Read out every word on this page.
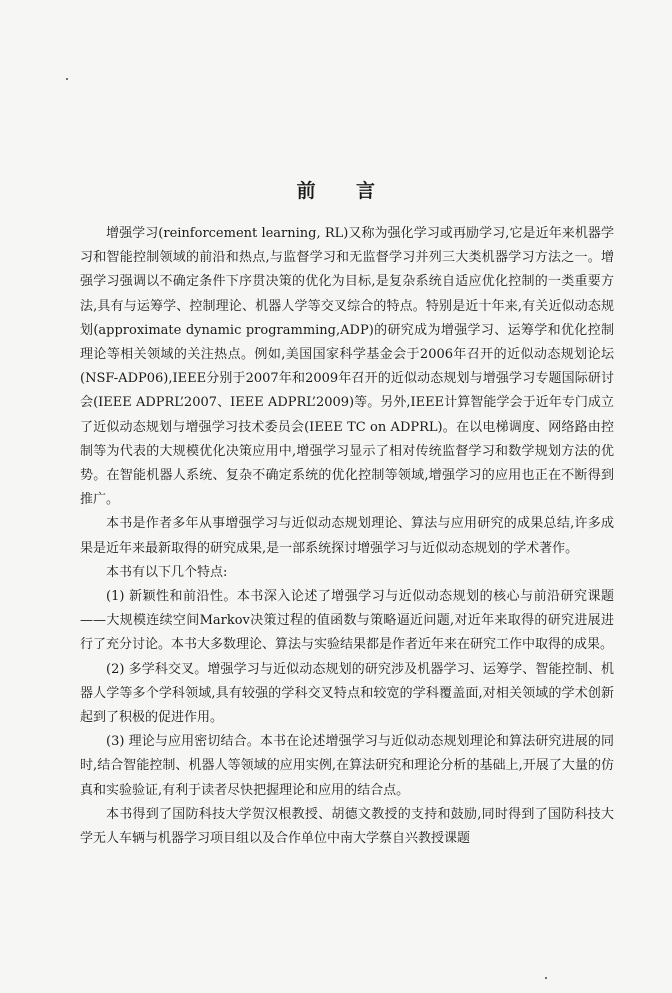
前 言

增强学习(reinforcement learning, RL)又称为强化学习或再励学习,它是近年来机器学习和智能控制领域的前沿和热点,与监督学习和无监督学习并列三大类机器学习方法之一。增强学习强调以不确定条件下序贯决策的优化为目标,是复杂系统自适应优化控制的一类重要方法,具有与运筹学、控制理论、机器人学等交叉综合的特点。特别是近十年来,有关近似动态规划(approximate dynamic programming,ADP)的研究成为增强学习、运筹学和优化控制理论等相关领域的关注热点。例如,美国国家科学基金会于2006年召开的近似动态规划论坛(NSF-ADP06),IEEE分别于2007年和2009年召开的近似动态规划与增强学习专题国际研讨会(IEEE ADPRL’2007、IEEE ADPRL’2009)等。另外,IEEE计算智能学会于近年专门成立了近似动态规划与增强学习技术委员会(IEEE TC on ADPRL)。在以电梯调度、网络路由控制等为代表的大规模优化决策应用中,增强学习显示了相对传统监督学习和数学规划方法的优势。在智能机器人系统、复杂不确定系统的优化控制等领域,增强学习的应用也正在不断得到推广。

本书是作者多年从事增强学习与近似动态规划理论、算法与应用研究的成果总结,许多成果是近年来最新取得的研究成果,是一部系统探讨增强学习与近似动态规划的学术著作。

本书有以下几个特点:

(1) 新颖性和前沿性。本书深入论述了增强学习与近似动态规划的核心与前沿研究课题——大规模连续空间Markov决策过程的值函数与策略逼近问题,对近年来取得的研究进展进行了充分讨论。本书大多数理论、算法与实验结果都是作者近年来在研究工作中取得的成果。

(2) 多学科交叉。增强学习与近似动态规划的研究涉及机器学习、运筹学、智能控制、机器人学等多个学科领域,具有较强的学科交叉特点和较宽的学科覆盖面,对相关领域的学术创新起到了积极的促进作用。

(3) 理论与应用密切结合。本书在论述增强学习与近似动态规划理论和算法研究进展的同时,结合智能控制、机器人等领域的应用实例,在算法研究和理论分析的基础上,开展了大量的仿真和实验验证,有利于读者尽快把握理论和应用的结合点。

本书得到了国防科技大学贺汉根教授、胡德文教授的支持和鼓励,同时得到了国防科技大学无人车辆与机器学习项目组以及合作单位中南大学蔡自兴教授课题
